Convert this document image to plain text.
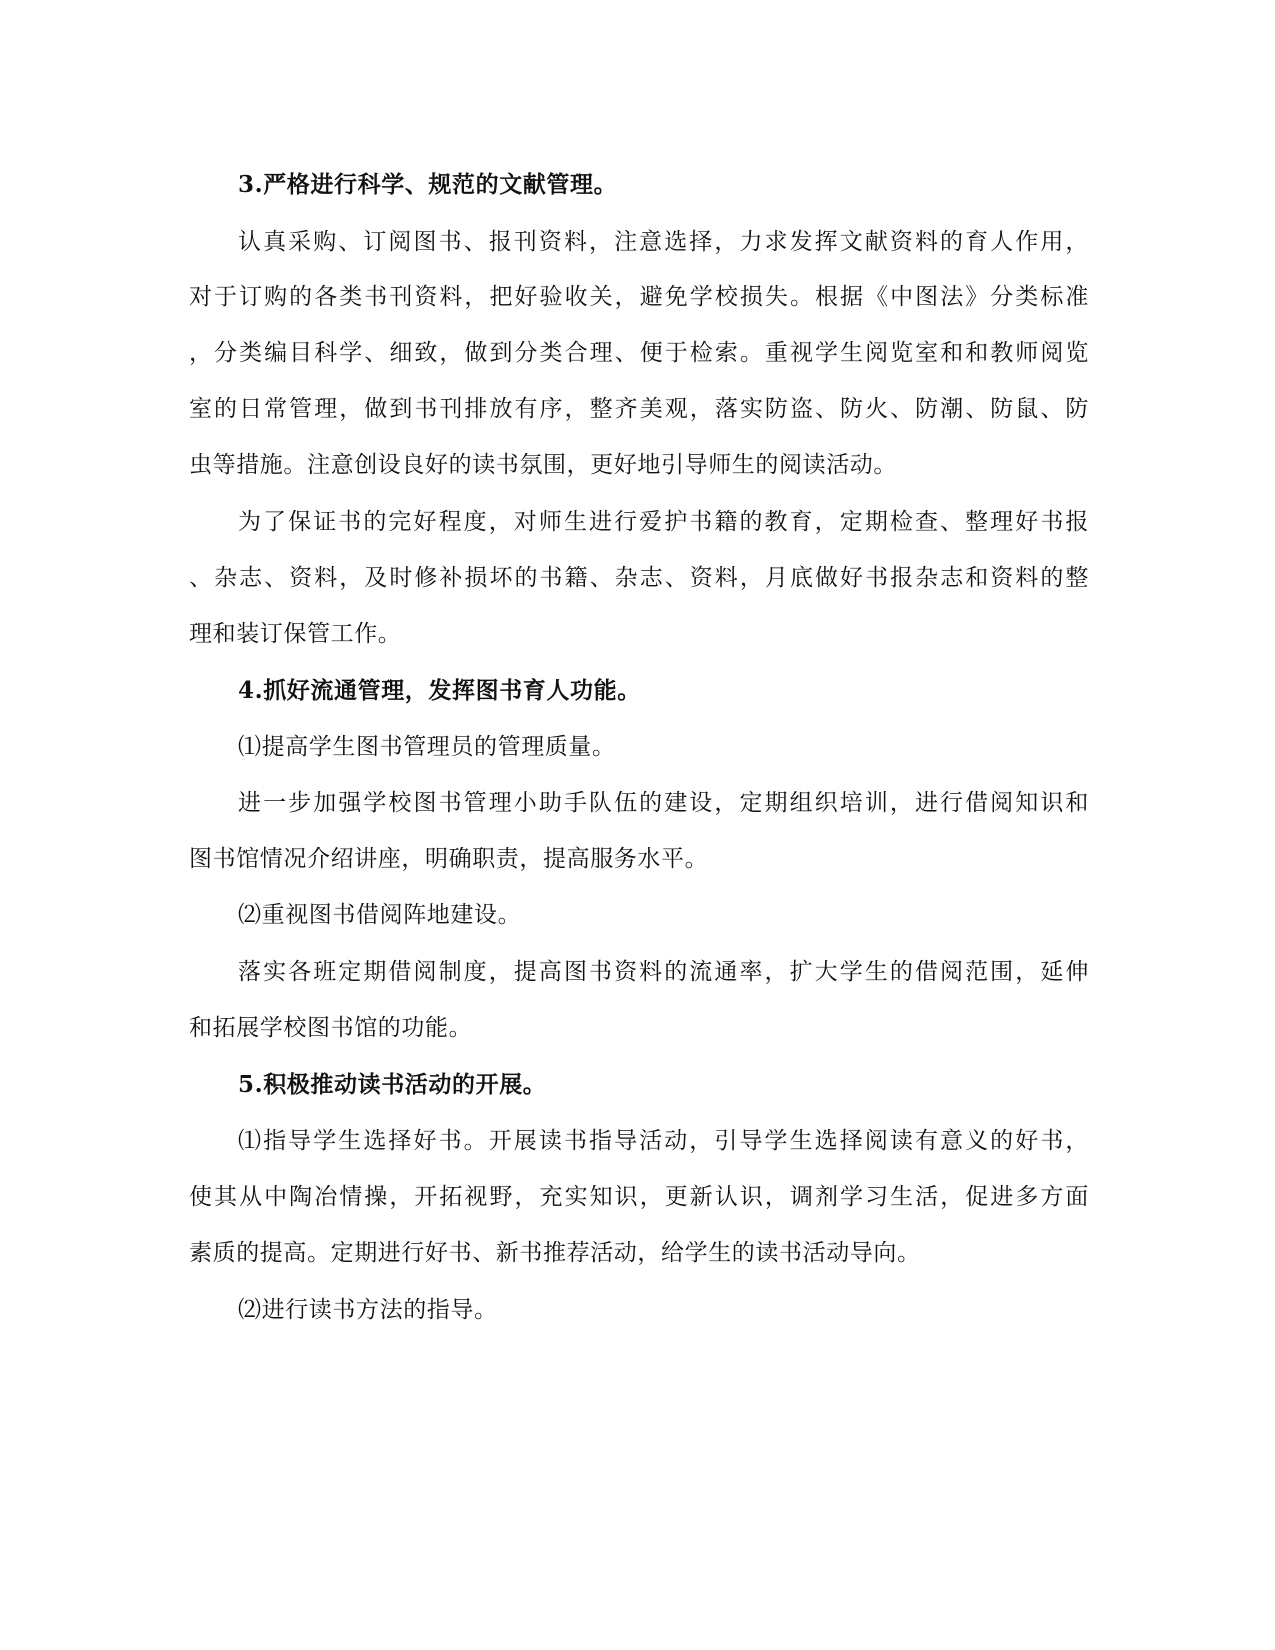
3.严格进行科学、规范的文献管理。
认真采购、订阅图书、报刊资料，注意选择，力求发挥文献资料的育人作用，
对于订购的各类书刊资料，把好验收关，避免学校损失。根据《中图法》分类标准
，分类编目科学、细致，做到分类合理、便于检索。重视学生阅览室和和教师阅览
室的日常管理，做到书刊排放有序，整齐美观，落实防盗、防火、防潮、防鼠、防
虫等措施。注意创设良好的读书氛围，更好地引导师生的阅读活动。
为了保证书的完好程度，对师生进行爱护书籍的教育，定期检查、整理好书报
、杂志、资料，及时修补损坏的书籍、杂志、资料，月底做好书报杂志和资料的整
理和装订保管工作。
4.抓好流通管理，发挥图书育人功能。
⑴提高学生图书管理员的管理质量。
进一步加强学校图书管理小助手队伍的建设，定期组织培训，进行借阅知识和
图书馆情况介绍讲座，明确职责，提高服务水平。
⑵重视图书借阅阵地建设。
落实各班定期借阅制度，提高图书资料的流通率，扩大学生的借阅范围，延伸
和拓展学校图书馆的功能。
5.积极推动读书活动的开展。
⑴指导学生选择好书。开展读书指导活动，引导学生选择阅读有意义的好书，
使其从中陶冶情操，开拓视野，充实知识，更新认识，调剂学习生活，促进多方面
素质的提高。定期进行好书、新书推荐活动，给学生的读书活动导向。
⑵进行读书方法的指导。
